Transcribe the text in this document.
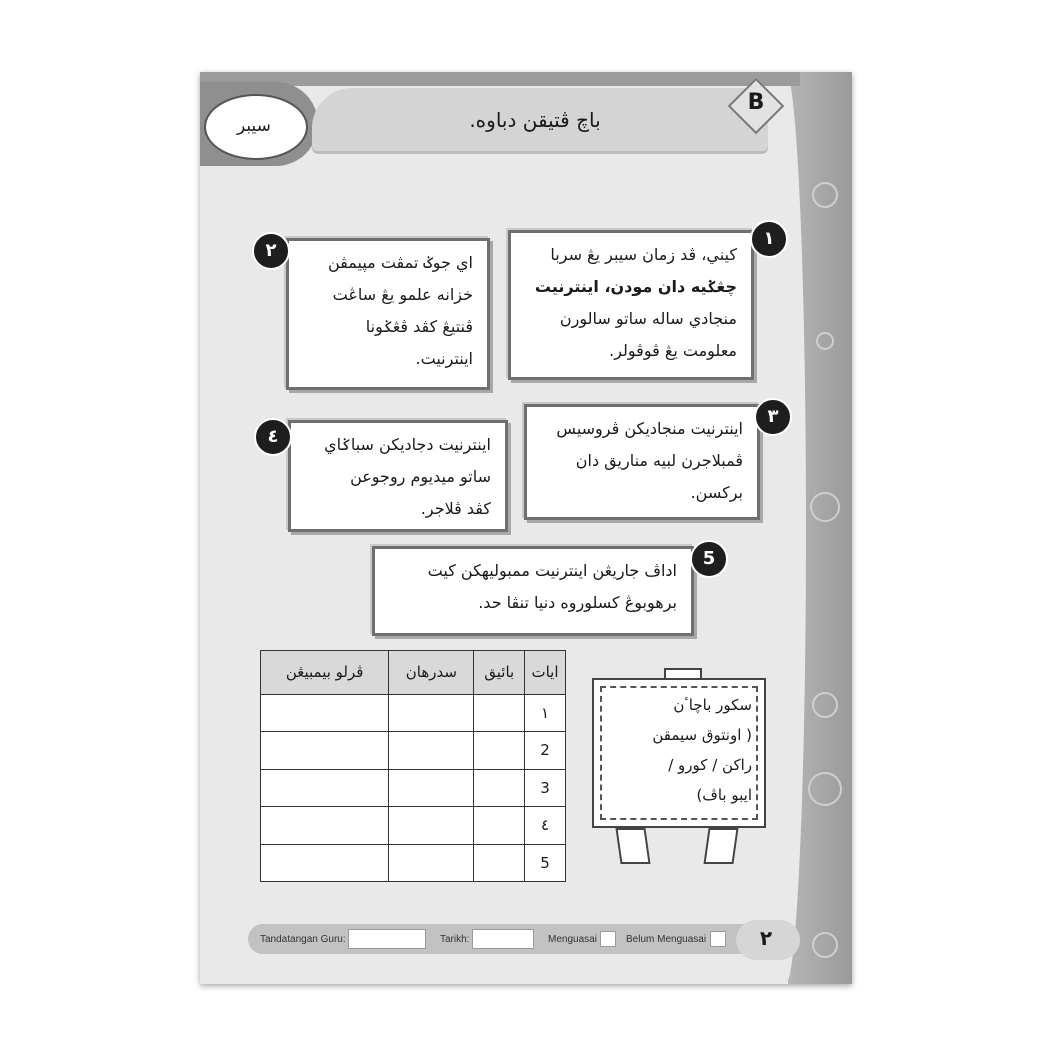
سيبر	باچ ڤتيقن دباوه.
B
كيني، ڤد زمان سيبر يڠ سربا
چڠݢيه دان مودن، اينترنيت
منجادي ساله ساتو سالورن
معلومت يڠ ڤوڤولر.
١
اي جوݢ تمڤت مڽيمڤن
خزانه علمو يڠ ساڠت
ڤنتيڠ كڤد ڤڠݢونا
اينترنيت.
٢
اينترنيت منجاديكن ڤروسيس
ڤمبلاجرن لبيه مناريق دان
بركسن.
٣
اينترنيت دجاديكن سباݢاي
ساتو ميديوم روجوعن
كڤد ڤلاجر.
٤
اداڤ جاريڠن اينترنيت ممبوليهكن كيت
برهوبوڠ كسلوروه دنيا تنڤا حد.
5
ڤرلو بيمبيڠن	سدرهان	بائيق	ايات
			١
			2
			3
			٤
			5
سكور باچاٴن
( اونتوق سيمقن
راكن / كورو /
ايبو باڤ)
Tandatangan Guru:	Tarikh:	Menguasai	Belum Menguasai	٢
